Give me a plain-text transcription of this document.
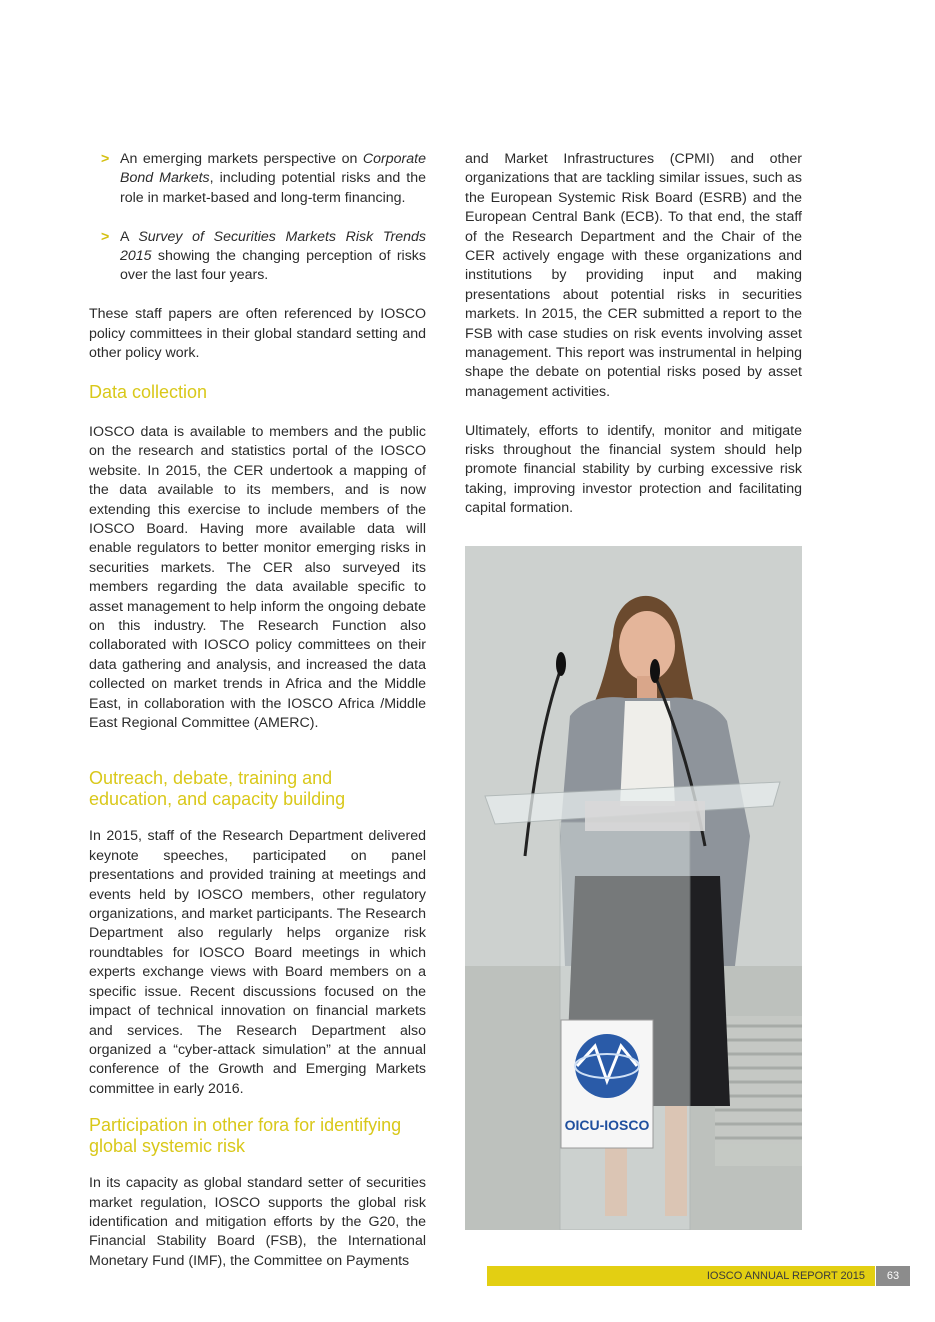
> An emerging markets perspective on Corporate Bond Markets, including potential risks and the role in market-based and long-term financing.
> A Survey of Securities Markets Risk Trends 2015 showing the changing perception of risks over the last four years.

These staff papers are often referenced by IOSCO policy committees in their global standard setting and other policy work.

Data collection

IOSCO data is available to members and the public on the research and statistics portal of the IOSCO website. In 2015, the CER undertook a mapping of the data available to its members, and is now extending this exercise to include members of the IOSCO Board. Having more available data will enable regulators to better monitor emerging risks in securities markets. The CER also surveyed its members regarding the data available specific to asset management to help inform the ongoing debate on this industry. The Research Function also collaborated with IOSCO policy committees on their data gathering and analysis, and increased the data collected on market trends in Africa and the Middle East, in collaboration with the IOSCO Africa /Middle East Regional Committee (AMERC).

Outreach, debate, training and
education, and capacity building

In 2015, staff of the Research Department delivered keynote speeches, participated on panel presentations and provided training at meetings and events held by IOSCO members, other regulatory organizations, and market participants. The Research Department also regularly helps organize risk roundtables for IOSCO Board meetings in which experts exchange views with Board members on a specific issue. Recent discussions focused on the impact of technical innovation on financial markets and services. The Research Department also organized a “cyber-attack simulation” at the annual conference of the Growth and Emerging Markets committee in early 2016.

Participation in other fora for identifying
global systemic risk

In its capacity as global standard setter of securities market regulation, IOSCO supports the global risk identification and mitigation efforts by the G20, the Financial Stability Board (FSB), the International Monetary Fund (IMF), the Committee on Payments

and Market Infrastructures (CPMI) and other organizations that are tackling similar issues, such as the European Systemic Risk Board (ESRB) and the European Central Bank (ECB). To that end, the staff of the Research Department and the Chair of the CER actively engage with these organizations and institutions by providing input and making presentations about potential risks in securities markets. In 2015, the CER submitted a report to the FSB with case studies on risk events involving asset management. This report was instrumental in helping shape the debate on potential risks posed by asset management activities.

Ultimately, efforts to identify, monitor and mitigate risks throughout the financial system should help promote financial stability by curbing excessive risk taking, improving investor protection and facilitating capital formation.

OICU-IOSCO
IOSCO ANNUAL REPORT 2015	63
